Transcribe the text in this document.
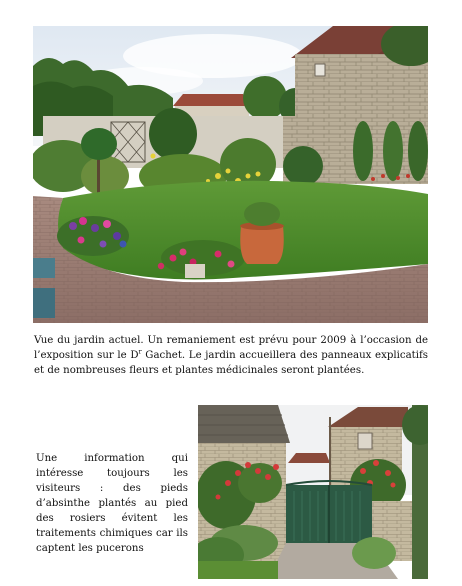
Vue du jardin actuel. Un remaniement est prévu pour 2009 à l’occasion de l’exposition sur le $D^r$ Gachet. Le jardin accueillera des panneaux explicatifs et de nombreuses fleurs et plantes médicinales seront plantées.

Une information qui intéresse toujours les visiteurs : des pieds d’absinthe plantés au pied des rosiers évitent les traitements chimiques car ils captent les pucerons
